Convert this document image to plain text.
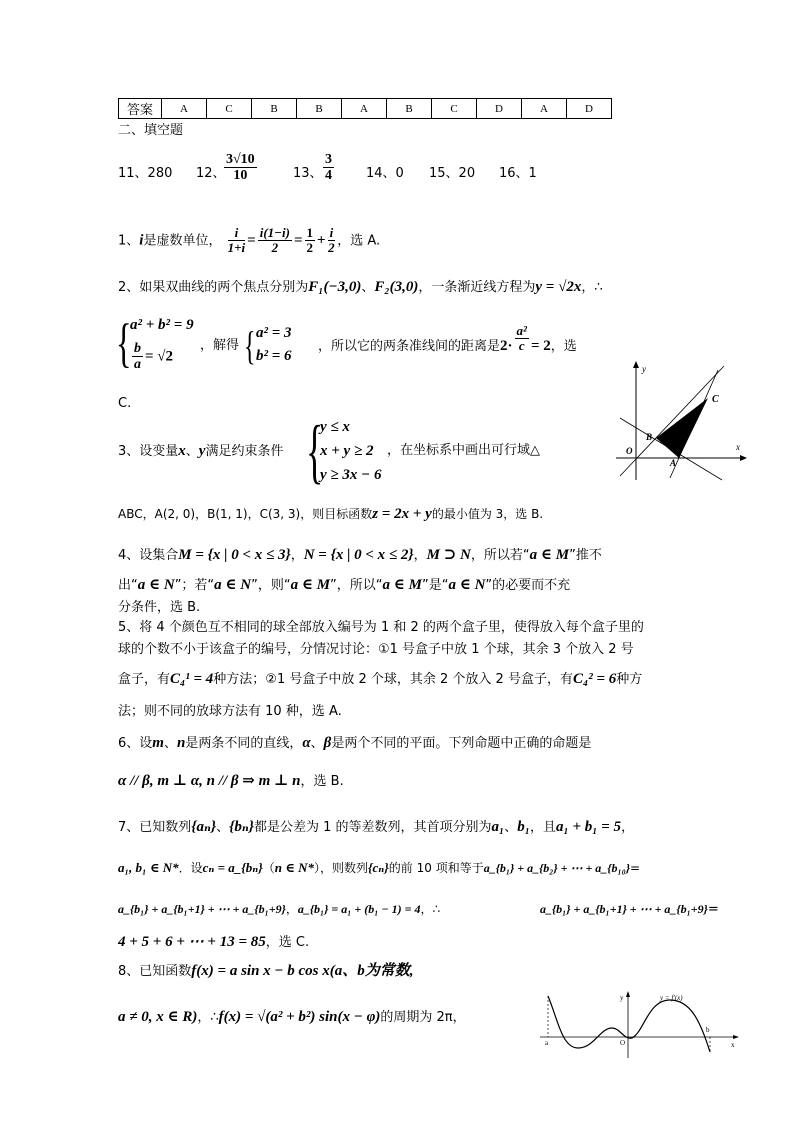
答案	A	C	B	B	A	B	C	D	A	D
二、填空题
11、280 12、
$\frac{3√10}{10}$	13、 $\frac{3}{4} 14$、0 15、20 16、1
1、i是虚数单位， $\frac{i}{1+i} = \frac{i(1-i)}{2} = \frac{1}{2} + \frac{i}{2}$ ，选 A.
2、如果双曲线的两个焦点分别为F₁(−3,0)、F₂(3,0)，一条渐近线方程为y = √2x，∴
{
a² + b² = 9
$\frac{b}{a} = √2$
，解得 { a² = 3
b² = 6
，所以它的两条准线间的距离是$2\cdot \frac{\text{a²}}{c} = 2$，选
C.
y
x
O
B
A
C
{
y ≤ x
x + y ≥ 2
y ≥ 3x − 6
3、设变量x、y满足约束条件	，在坐标系中画出可行域△
ABC，A(2, 0)，B(1, 1)，C(3, 3)，则目标函数z = 2x + y的最小值为 3，选 B.
4、设集合M = {x | 0 < x ≤ 3}，N = {x | 0 < x ≤ 2}，M ⊃ N，所以若“a ∈ M”推不
出“a ∈ N”；若“a ∈ N”，则“a ∈ M”，所以“a ∈ M”是“a ∈ N”的必要而不充
分条件，选 B.
5、将 4 个颜色互不相同的球全部放入编号为 1 和 2 的两个盒子里，使得放入每个盒子里的
球的个数不小于该盒子的编号，分情况讨论：①1 号盒子中放 1 个球，其余 3 个放入 2 号
盒子，有C₄¹ = 4种方法；②1 号盒子中放 2 个球，其余 2 个放入 2 号盒子，有C₄² = 6种方
法；则不同的放球方法有 10 种，选 A.
6、设m、n是两条不同的直线，α、β是两个不同的平面。下列命题中正确的命题是
α // β, m ⊥ α, n // β ⇒ m ⊥ n，选 B.
7、已知数列{aₙ}、{bₙ}都是公差为 1 的等差数列，其首项分别为a₁、b₁，且a₁ + b₁ = 5，
a₁, b₁ ∈ N*．设cₙ = a_{bₙ}（n ∈ N*），则数列{cₙ}的前 10 项和等于a_{b₁} + a_{b₂} + ⋯ + a_{b₁₀}=
a_{b₁} + a_{b₁+1} + ⋯ + a_{b₁+9}，a_{b₁} = a₁ + (b₁ − 1) = 4，∴	a_{b₁} + a_{b₁+1} + ⋯ + a_{b₁+9}=
4 + 5 + 6 + ⋯ + 13 = 85，选 C.
8、已知函数f(x) = a sin x − b cos x(a、b为常数,
a ≠ 0, x ∈ R)，∴f(x) = √(a² + b²) sin(x − φ)的周期为 2π，
y
x
O
y = f′(x)
a
b
